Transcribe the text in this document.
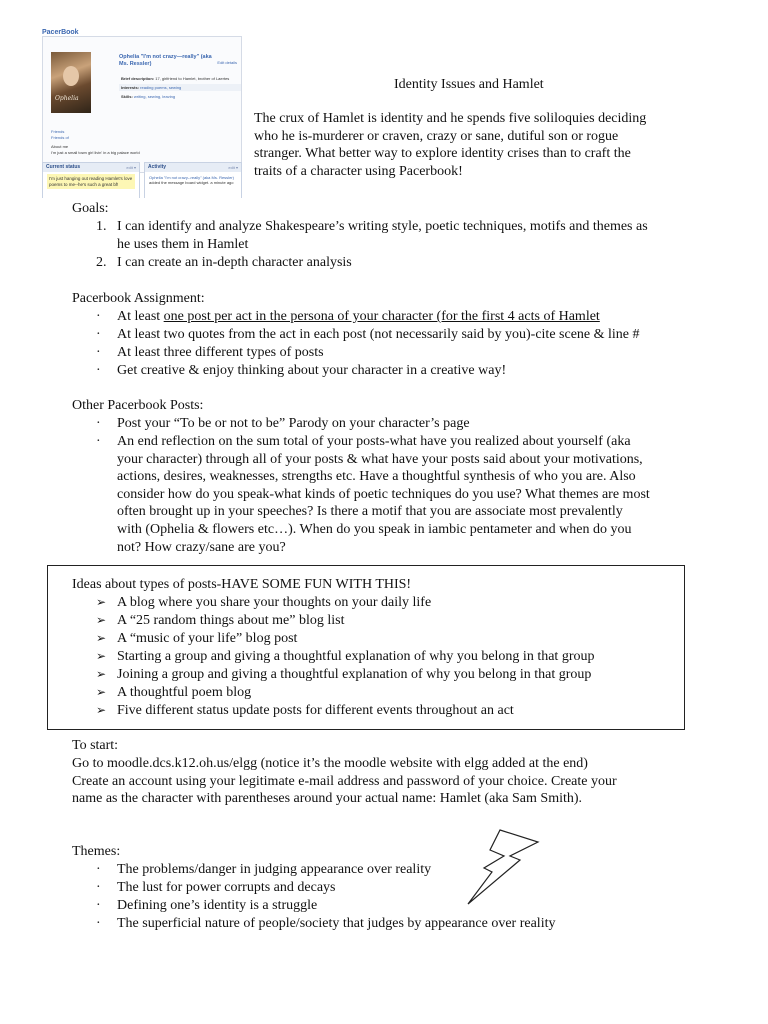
PacerBook
Ophelia
Ophelia "I'm not crazy—really" (aka Ms. Ressler)	Edit details
Brief description: 17, girlfriend to Hamlet, brother of Laertes
Interests: reading poems, sewing
Skills: writing, sewing, leaving
Friends
Friends of
About me
I'm just a small town girl livin' in a big palace world
Current status	edit ▾
I'm just hanging out reading Hamlet's love poems to me--he's such a great bf!
Activity	edit ▾
Ophelia "I'm not crazy--really" (aka Ms. Ressler) added the message board widget. a minute ago
Identity Issues and Hamlet

The crux of Hamlet is identity and he spends five soliloquies deciding

who he is-murderer or craven, crazy or sane, dutiful son or rogue

stranger. What better way to explore identity crises than to craft the

traits of a character using Pacerbook!

Goals:
1. I can identify and analyze Shakespeare’s writing style, poetic techniques, motifs and themes as

he uses them in Hamlet

2. I can create an in-depth character analysis
Pacerbook Assignment:
· At least one post per act in the persona of your character (for the first 4 acts of Hamlet
· At least two quotes from the act in each post (not necessarily said by you)-cite scene & line #
· At least three different types of posts
· Get creative & enjoy thinking about your character in a creative way!
Other Pacerbook Posts:
· Post your “To be or not to be” Parody on your character’s page
· An end reflection on the sum total of your posts-what have you realized about yourself (aka

your character) through all of your posts & what have your posts said about your motivations,

actions, desires, weaknesses, strengths etc. Have a thoughtful synthesis of who you are. Also

consider how do you speak-what kinds of poetic techniques do you use? What themes are most

often brought up in your speeches? Is there a motif that you are associate most prevalently

with (Ophelia & flowers etc…). When do you speak in iambic pentameter and when do you

not? How crazy/sane are you?

Ideas about types of posts-HAVE SOME FUN WITH THIS!
➢ A blog where you share your thoughts on your daily life
➢ A “25 random things about me” blog list
➢ A “music of your life” blog post
➢ Starting a group and giving a thoughtful explanation of why you belong in that group
➢ Joining a group and giving a thoughtful explanation of why you belong in that group
➢ A thoughtful poem blog
➢ Five different status update posts for different events throughout an act
To start:

Go to moodle.dcs.k12.oh.us/elgg (notice it’s the moodle website with elgg added at the end)

Create an account using your legitimate e-mail address and password of your choice. Create your

name as the character with parentheses around your actual name: Hamlet (aka Sam Smith).

Themes:
· The problems/danger in judging appearance over reality
· The lust for power corrupts and decays
· Defining one’s identity is a struggle
· The superficial nature of people/society that judges by appearance over reality
